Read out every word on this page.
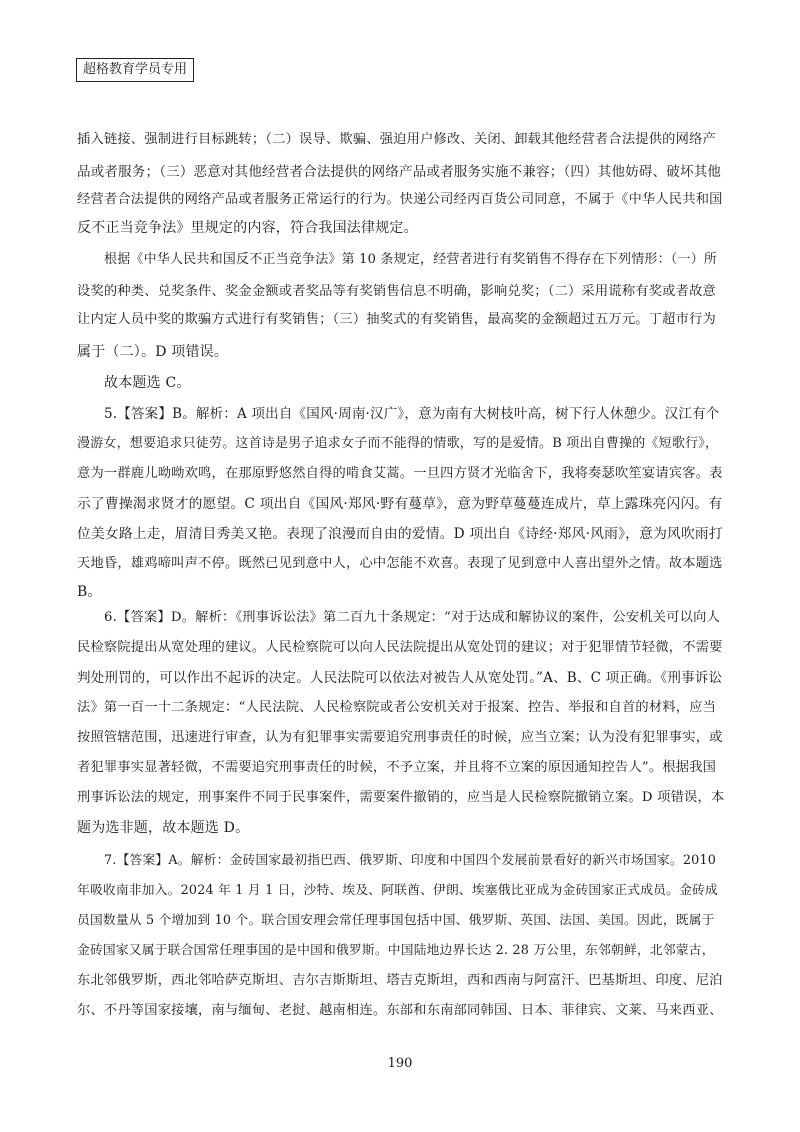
超格教育学员专用
插入链接、强制进行目标跳转；（二）误导、欺骗、强迫用户修改、关闭、卸载其他经营者合法提供的网络产
品或者服务；（三）恶意对其他经营者合法提供的网络产品或者服务实施不兼容；（四）其他妨碍、破坏其他
经营者合法提供的网络产品或者服务正常运行的行为。快递公司经丙百货公司同意，不属于《中华人民共和国
反不正当竞争法》里规定的内容，符合我国法律规定。
根据《中华人民共和国反不正当竞争法》第 10 条规定，经营者进行有奖销售不得存在下列情形：（一）所
设奖的种类、兑奖条件、奖金金额或者奖品等有奖销售信息不明确，影响兑奖；（二）采用谎称有奖或者故意
让内定人员中奖的欺骗方式进行有奖销售；（三）抽奖式的有奖销售，最高奖的金额超过五万元。丁超市行为
属于（二）。D 项错误。
故本题选 C。
5.【答案】B。解析：A 项出自《国风·周南·汉广》，意为南有大树枝叶高，树下行人休憩少。汉江有个
漫游女，想要追求只徒劳。这首诗是男子追求女子而不能得的情歌，写的是爱情。B 项出自曹操的《短歌行》，
意为一群鹿儿呦呦欢鸣，在那原野悠然自得的啃食艾蒿。一旦四方贤才光临舍下，我将奏瑟吹笙宴请宾客。表
示了曹操渴求贤才的愿望。C 项出自《国风·郑风·野有蔓草》，意为野草蔓蔓连成片，草上露珠亮闪闪。有
位美女路上走，眉清目秀美又艳。表现了浪漫而自由的爱情。D 项出自《诗经·郑风·风雨》，意为风吹雨打
天地昏，雄鸡啼叫声不停。既然已见到意中人，心中怎能不欢喜。表现了见到意中人喜出望外之情。故本题选
B。
6.【答案】D。解析：《刑事诉讼法》第二百九十条规定：“对于达成和解协议的案件，公安机关可以向人
民检察院提出从宽处理的建议。人民检察院可以向人民法院提出从宽处罚的建议；对于犯罪情节轻微，不需要
判处刑罚的，可以作出不起诉的决定。人民法院可以依法对被告人从宽处罚。”A、B、C 项正确。《刑事诉讼
法》第一百一十二条规定：“人民法院、人民检察院或者公安机关对于报案、控告、举报和自首的材料，应当
按照管辖范围，迅速进行审查，认为有犯罪事实需要追究刑事责任的时候，应当立案；认为没有犯罪事实，或
者犯罪事实显著轻微，不需要追究刑事责任的时候，不予立案，并且将不立案的原因通知控告人”。根据我国
刑事诉讼法的规定，刑事案件不同于民事案件，需要案件撤销的，应当是人民检察院撤销立案。D 项错误，本
题为选非题，故本题选 D。
7.【答案】A。解析：金砖国家最初指巴西、俄罗斯、印度和中国四个发展前景看好的新兴市场国家。2010
年吸收南非加入。2024 年 1 月 1 日，沙特、埃及、阿联酋、伊朗、埃塞俄比亚成为金砖国家正式成员。金砖成
员国数量从 5 个增加到 10 个。联合国安理会常任理事国包括中国、俄罗斯、英国、法国、美国。因此，既属于
金砖国家又属于联合国常任理事国的是中国和俄罗斯。中国陆地边界长达 2. 28 万公里，东邻朝鲜，北邻蒙古，
东北邻俄罗斯，西北邻哈萨克斯坦、吉尔吉斯斯坦、塔吉克斯坦，西和西南与阿富汗、巴基斯坦、印度、尼泊
尔、不丹等国家接壤，南与缅甸、老挝、越南相连。东部和东南部同韩国、日本、菲律宾、文莱、马来西亚、
190
